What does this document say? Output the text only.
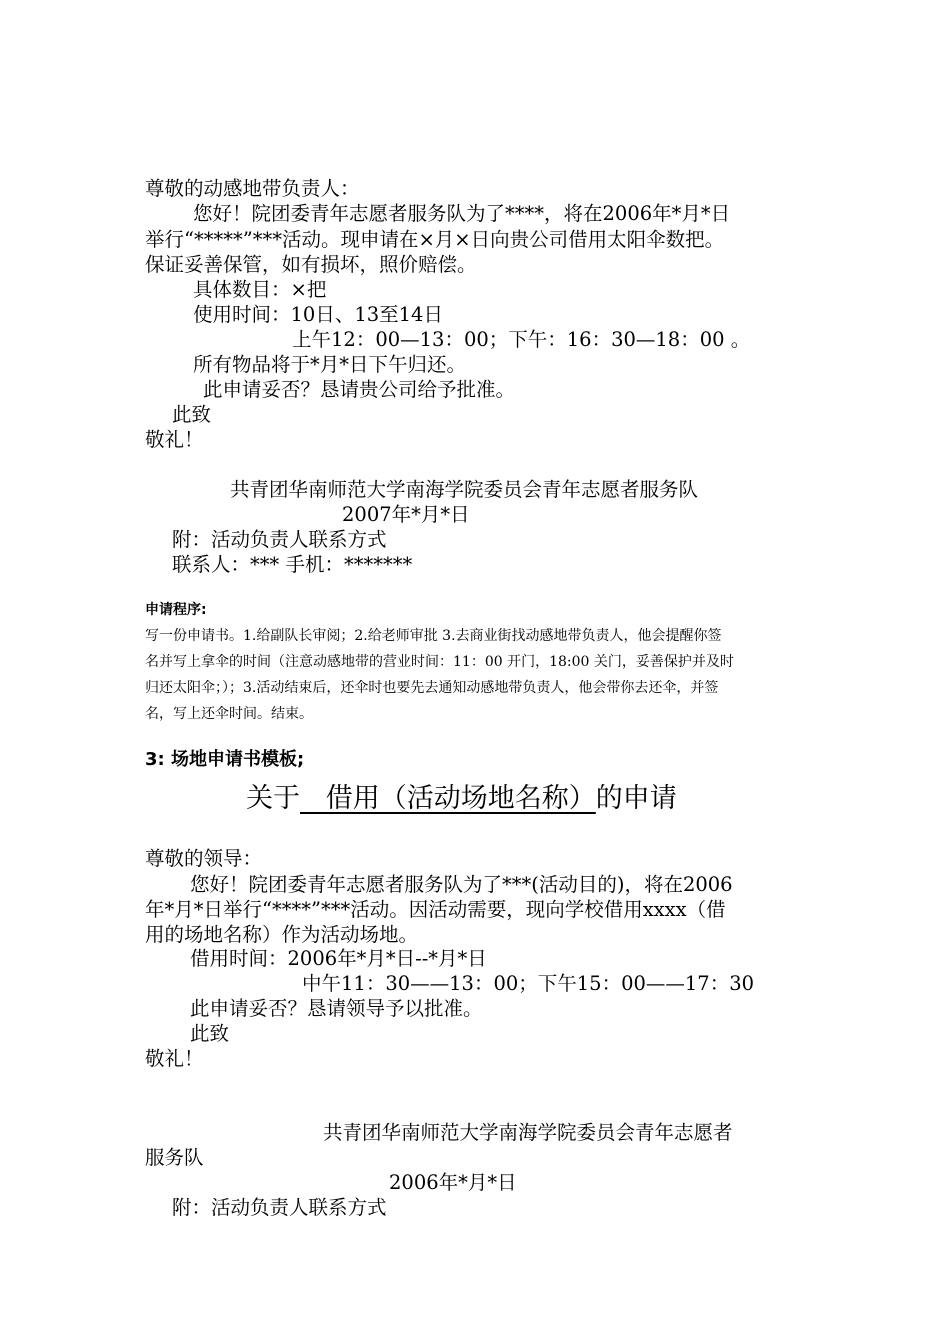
尊敬的动感地带负责人：
您好！院团委青年志愿者服务队为了****，将在2006年*月*日
举行“*****”***活动。现申请在×月×日向贵公司借用太阳伞数把。
保证妥善保管，如有损坏，照价赔偿。
具体数目：×把
使用时间：10日、13至14日
上午12：00—13：00；下午：16：30—18：00 。
所有物品将于*月*日下午归还。
此申请妥否？恳请贵公司给予批准。
此致
敬礼！
共青团华南师范大学南海学院委员会青年志愿者服务队
2007年*月*日
附：活动负责人联系方式
联系人：*** 手机：*******
申请程序:
写一份申请书。1.给副队长审阅；2.给老师审批 3.去商业街找动感地带负责人，他会提醒你签
名并写上拿伞的时间（注意动感地带的营业时间：11：00 开门，18:00 关门，妥善保护并及时
归还太阳伞；）；3.活动结束后，还伞时也要先去通知动感地带负责人，他会带你去还伞，并签
名，写上还伞时间。结束。
3: 场地申请书模板;
关于   借用（活动场地名称）的申请
尊敬的领导：
您好！院团委青年志愿者服务队为了***(活动目的)，将在2006
年*月*日举行“****”***活动。因活动需要，现向学校借用xxxx（借
用的场地名称）作为活动场地。
借用时间：2006年*月*日--*月*日
中午11：30——13：00；下午15：00——17：30
此申请妥否？恳请领导予以批准。
此致
敬礼！
共青团华南师范大学南海学院委员会青年志愿者
服务队
2006年*月*日
附：活动负责人联系方式
